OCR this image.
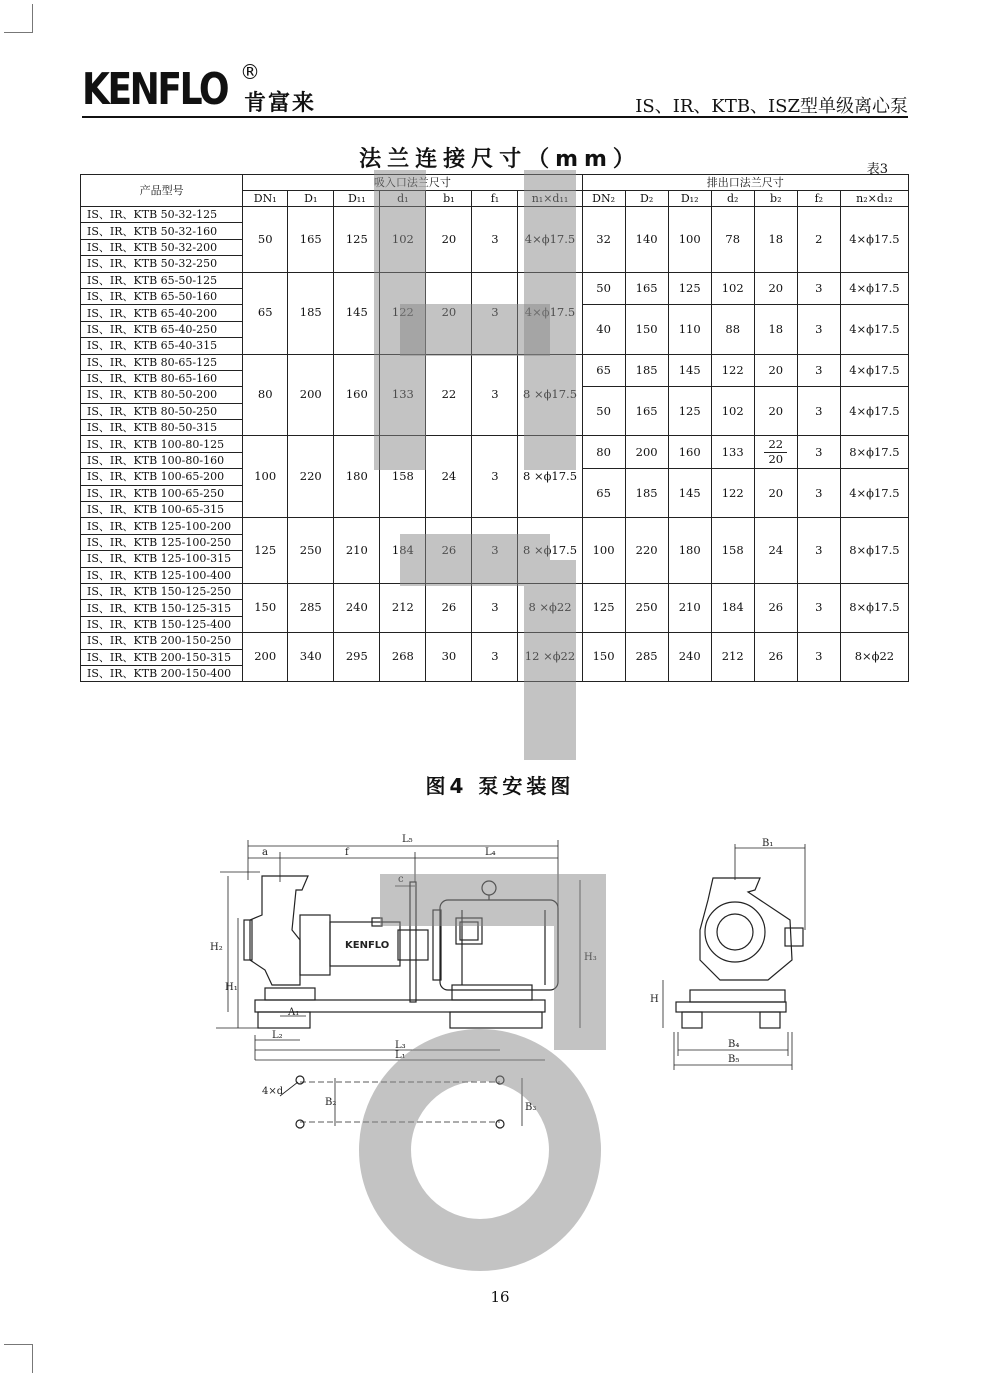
KENFLO ®
肯富来	IS、IR、KTB、ISZ型单级离心泵
法兰连接尺寸（mm）	表3
产品型号	吸入口法兰尺寸							排出口法兰尺寸						
	DN₁	D₁	D₁₁	d₁	b₁	f₁	n₁×d₁₁	DN₂	D₂	D₁₂	d₂	b₂	f₂	n₂×d₁₂
IS、IR、KTB 50-32-125	50	165	125	102	20	3	4×ϕ17.5	32	140	100	78	18	2	4×ϕ17.5
IS、IR、KTB 50-32-160														
IS、IR、KTB 50-32-200														
IS、IR、KTB 50-32-250														
IS、IR、KTB 65-50-125	65	185	145	122	20	3	4×ϕ17.5	50	165	125	102	20	3	4×ϕ17.5
IS、IR、KTB 65-50-160														
IS、IR、KTB 65-40-200								40	150	110	88	18	3	4×ϕ17.5
IS、IR、KTB 65-40-250														
IS、IR、KTB 65-40-315														
IS、IR、KTB 80-65-125	80	200	160	133	22	3	8 ×ϕ17.5	65	185	145	122	20	3	4×ϕ17.5
IS、IR、KTB 80-65-160														
IS、IR、KTB 80-50-200								50	165	125	102	20	3	4×ϕ17.5
IS、IR、KTB 80-50-250														
IS、IR、KTB 80-50-315														
IS、IR、KTB 100-80-125	100	220	180	158	24	3	8 ×ϕ17.5	80	200	160	133	$\frac{22}{20}$	3	8×ϕ17.5
IS、IR、KTB 100-80-160														
IS、IR、KTB 100-65-200								65	185	145	122	20	3	4×ϕ17.5
IS、IR、KTB 100-65-250														
IS、IR、KTB 100-65-315														
IS、IR、KTB 125-100-200	125	250	210	184	26	3	8 ×ϕ17.5	100	220	180	158	24	3	8×ϕ17.5
IS、IR、KTB 125-100-250														
IS、IR、KTB 125-100-315														
IS、IR、KTB 125-100-400														
IS、IR、KTB 150-125-250	150	285	240	212	26	3	8 ×ϕ22	125	250	210	184	26	3	8×ϕ17.5
IS、IR、KTB 150-125-315														
IS、IR、KTB 150-125-400														
IS、IR、KTB 200-150-250	200	340	295	268	30	3	12 ×ϕ22	150	285	240	212	26	3	8×ϕ22
IS、IR、KTB 200-150-315														
IS、IR、KTB 200-150-400														
图4 泵安装图
KENFLO
L₅
a	f	L₄
c
H₂
H₁
H₃
A₁
L₂
L₃
L₁
4×d
B₂	B₃
B₁
H
B₄
B₅
16
